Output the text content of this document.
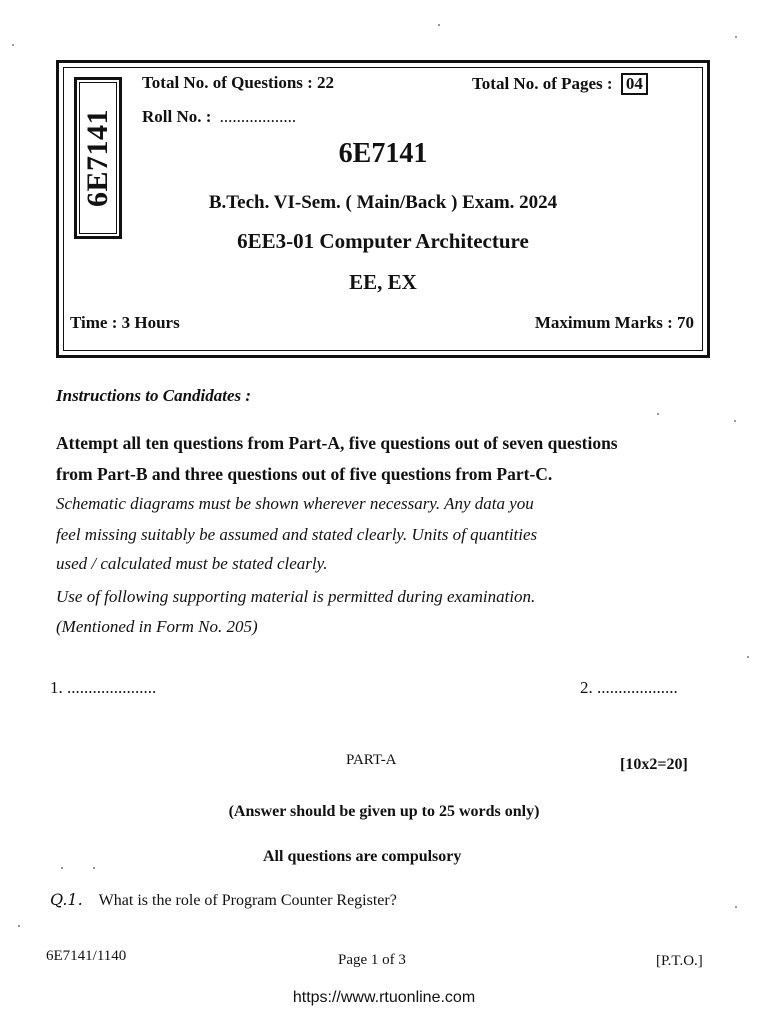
6E7141
Total No. of Questions : 22	Total No. of Pages : 04
Roll No. : ..................
6E7141
B.Tech. VI-Sem. ( Main/Back ) Exam. 2024
6EE3-01 Computer Architecture
EE, EX
Time : 3 Hours	Maximum Marks : 70
Instructions to Candidates :
Attempt all ten questions from Part-A, five questions out of seven questions
from Part-B and three questions out of five questions from Part-C.
Schematic diagrams must be shown wherever necessary. Any data you
feel missing suitably be assumed and stated clearly. Units of quantities
used / calculated must be stated clearly.
Use of following supporting material is permitted during examination.
(Mentioned in Form No. 205)
1. .....................	2. ...................
PART-A	[10x2=20]
(Answer should be given up to 25 words only)
All questions are compulsory
Q.1. What is the role of Program Counter Register?
6E7141/1140	Page 1 of 3	[P.T.O.]
https://www.rtuonline.com
